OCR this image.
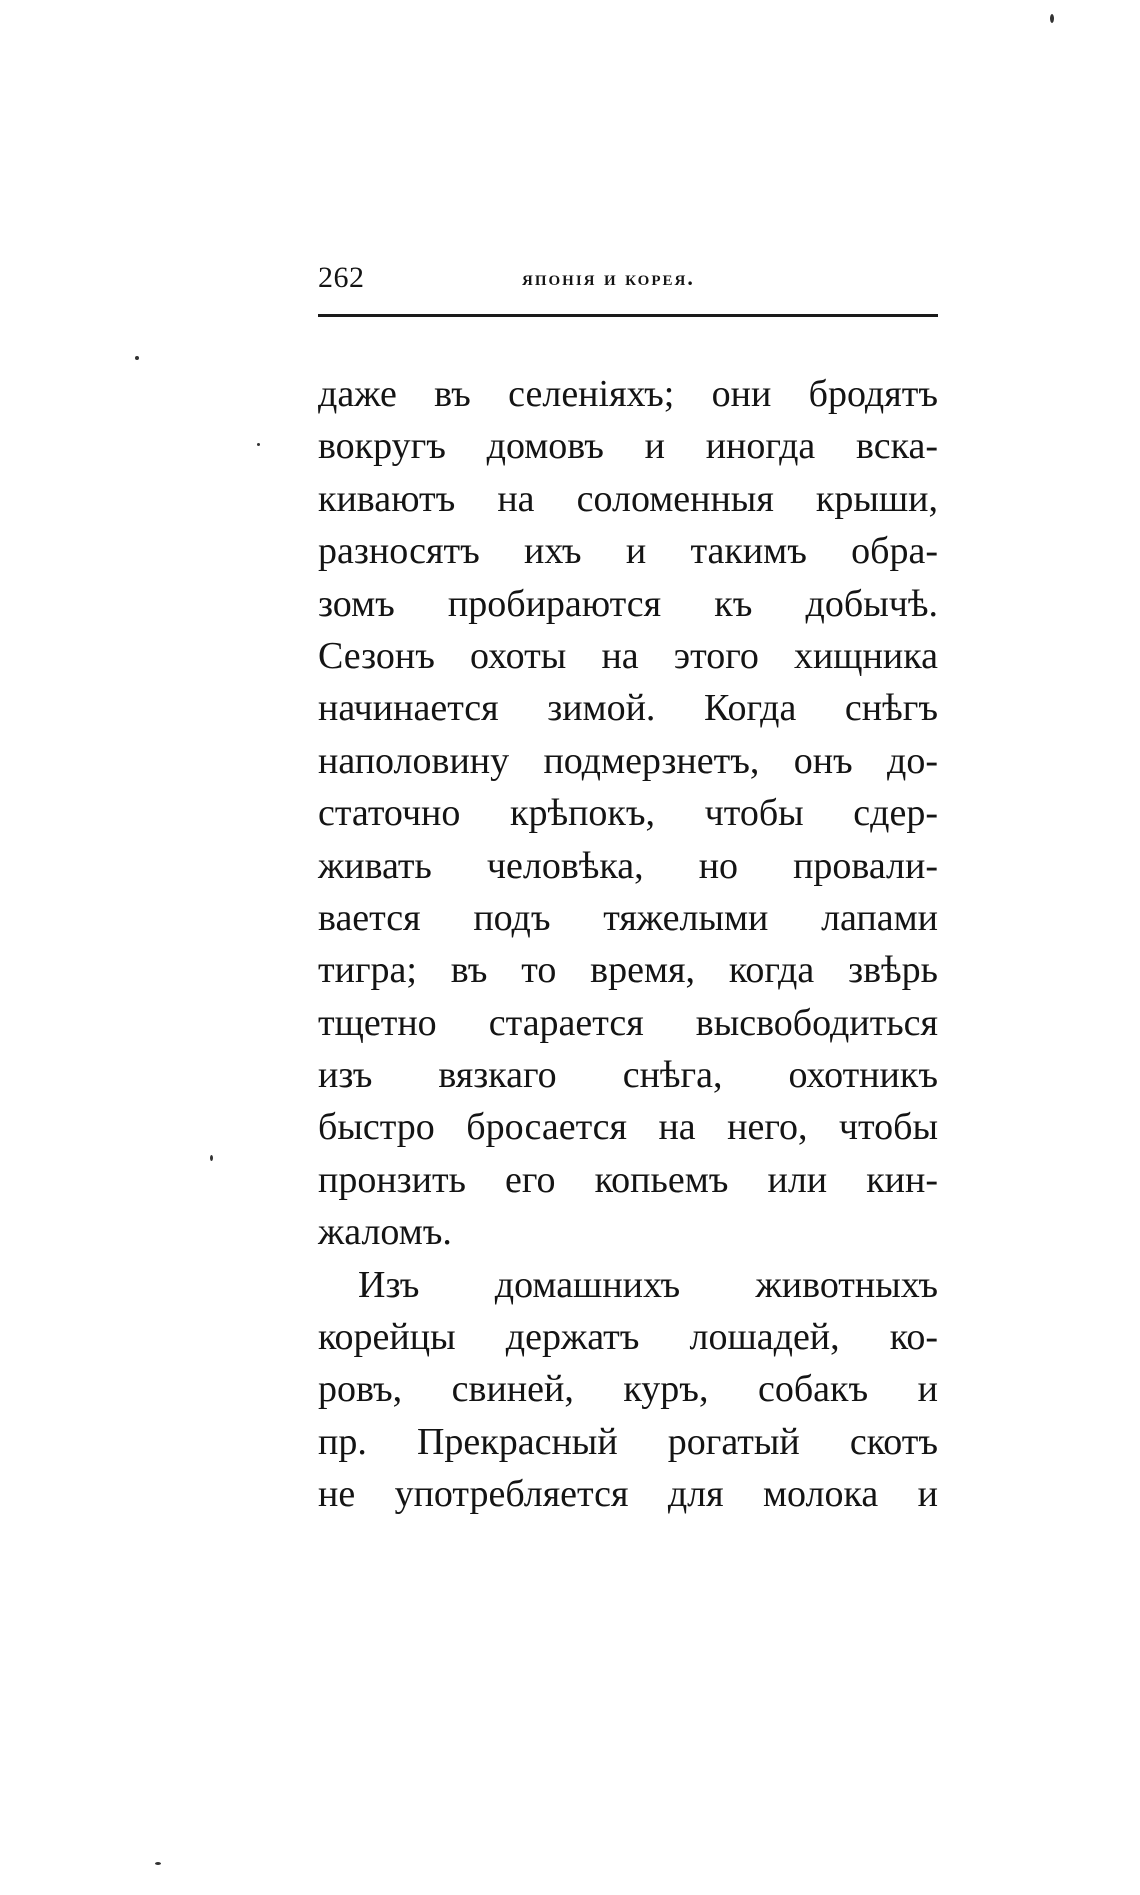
262	японія и корея.
даже въ селеніяхъ; они бродятъ
вокругъ домовъ и иногда вска-
киваютъ на соломенныя крыши,
разносятъ ихъ и такимъ обра-
зомъ пробираются къ добычѣ.
Сезонъ охоты на этого хищника
начинается зимой. Когда снѣгъ
наполовину подмерзнетъ, онъ до-
статочно крѣпокъ, чтобы сдер-
живать человѣка, но провали-
вается подъ тяжелыми лапами
тигра; въ то время, когда звѣрь
тщетно старается высвободиться
изъ вязкаго снѣга, охотникъ
быстро бросается на него, чтобы
пронзить его копьемъ или кин-
жаломъ.
Изъ домашнихъ животныхъ
корейцы держатъ лошадей, ко-
ровъ, свиней, куръ, собакъ и
пр. Прекрасный рогатый скотъ
не употребляется для молока и
